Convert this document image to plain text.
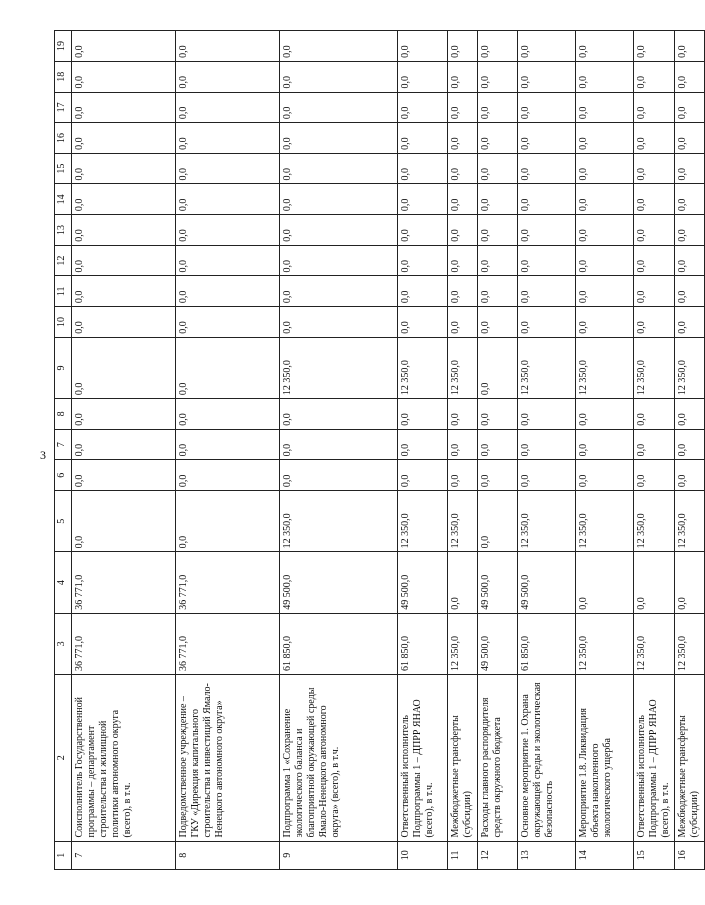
3
1	2	3	4	5	6	7	8	9	10	11	12	13	14	15	16	17	18	19
7	Соисполнитель Государственной программы – департамент строительства и жилищной политики автономного округа (всего), в т.ч.	36 771,0	36 771,0	0,0	0,0	0,0	0,0	0,0	0,0	0,0	0,0	0,0	0,0	0,0	0,0	0,0	0,0	0,0
8	Подведомственное учреждение – ГКУ «Дирекция капитального строительства и инвестиций Ямало-Ненецкого автономного округа»	36 771,0	36 771,0	0,0	0,0	0,0	0,0	0,0	0,0	0,0	0,0	0,0	0,0	0,0	0,0	0,0	0,0	0,0
9	Подпрограмма 1 «Сохранение экологического баланса и благоприятной окружающей среды Ямало-Ненецкого автономного округа» (всего), в т.ч.	61 850,0	49 500,0	12 350,0	0,0	0,0	0,0	12 350,0	0,0	0,0	0,0	0,0	0,0	0,0	0,0	0,0	0,0	0,0
10	Ответственный исполнитель Подпрограммы 1 – ДПРР ЯНАО (всего), в т.ч.	61 850,0	49 500,0	12 350,0	0,0	0,0	0,0	12 350,0	0,0	0,0	0,0	0,0	0,0	0,0	0,0	0,0	0,0	0,0
11	Межбюджетные трансферты (субсидии)	12 350,0	0,0	12 350,0	0,0	0,0	0,0	12 350,0	0,0	0,0	0,0	0,0	0,0	0,0	0,0	0,0	0,0	0,0
12	Расходы главного распорядителя средств окружного бюджета	49 500,0	49 500,0	0,0	0,0	0,0	0,0	0,0	0,0	0,0	0,0	0,0	0,0	0,0	0,0	0,0	0,0	0,0
13	Основное мероприятие 1. Охрана окружающей среды и экологическая безопасность	61 850,0	49 500,0	12 350,0	0,0	0,0	0,0	12 350,0	0,0	0,0	0,0	0,0	0,0	0,0	0,0	0,0	0,0	0,0
14	Мероприятие 1.8. Ликвидация объекта накопленного экологического ущерба	12 350,0	0,0	12 350,0	0,0	0,0	0,0	12 350,0	0,0	0,0	0,0	0,0	0,0	0,0	0,0	0,0	0,0	0,0
15	Ответственный исполнитель Подпрограммы 1 – ДПРР ЯНАО (всего), в т.ч.	12 350,0	0,0	12 350,0	0,0	0,0	0,0	12 350,0	0,0	0,0	0,0	0,0	0,0	0,0	0,0	0,0	0,0	0,0
16	Межбюджетные трансферты (субсидии)	12 350,0	0,0	12 350,0	0,0	0,0	0,0	12 350,0	0,0	0,0	0,0	0,0	0,0	0,0	0,0	0,0	0,0	0,0
